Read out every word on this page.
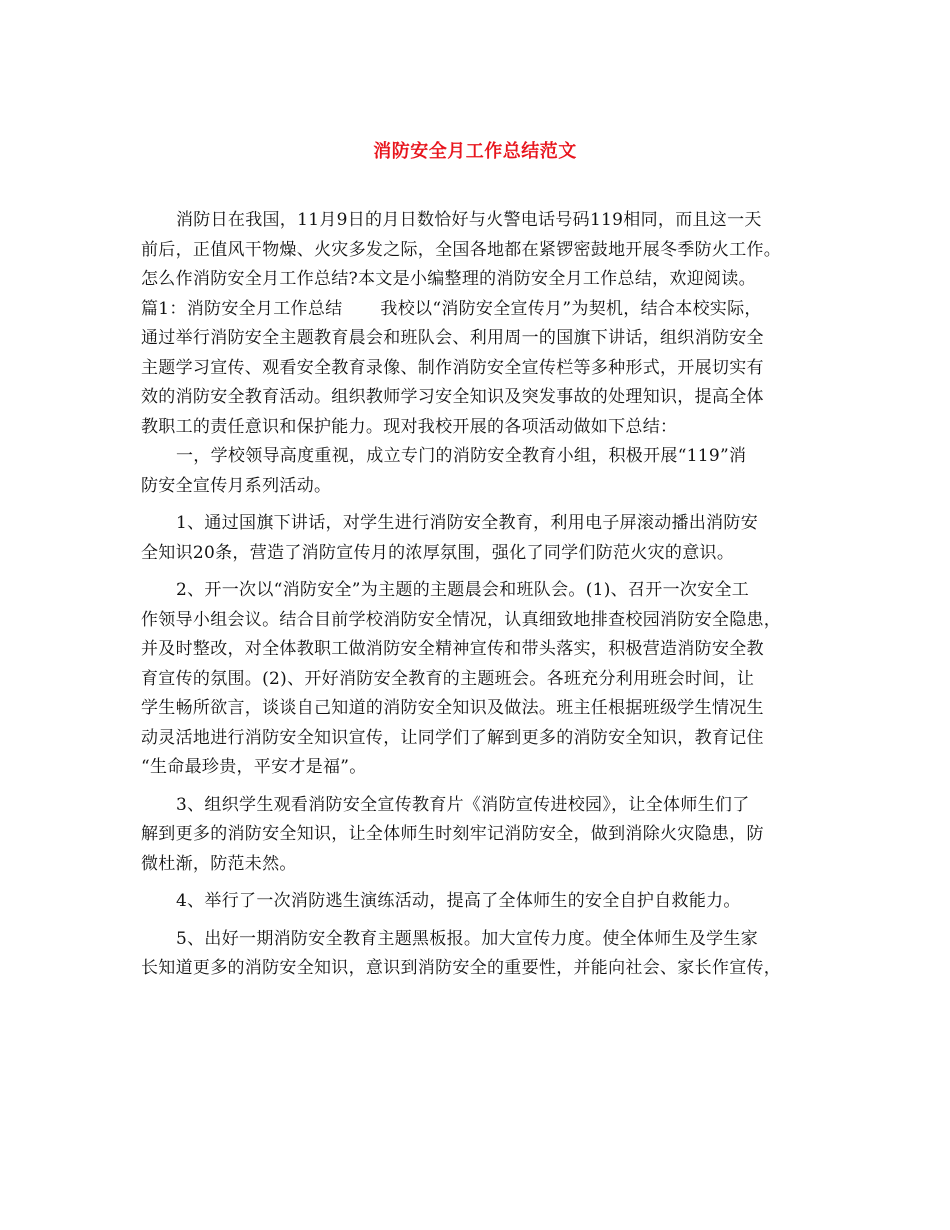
消防安全月工作总结范文

消防日在我国，11月9日的月日数恰好与火警电话号码119相同，而且这一天

前后，正值风干物燥、火灾多发之际，全国各地都在紧锣密鼓地开展冬季防火工作。

怎么作消防安全月工作总结?本文是小编整理的消防安全月工作总结，欢迎阅读。

篇1：消防安全月工作总结 我校以“消防安全宣传月”为契机，结合本校实际，

通过举行消防安全主题教育晨会和班队会、利用周一的国旗下讲话，组织消防安全

主题学习宣传、观看安全教育录像、制作消防安全宣传栏等多种形式，开展切实有

效的消防安全教育活动。组织教师学习安全知识及突发事故的处理知识，提高全体

教职工的责任意识和保护能力。现对我校开展的各项活动做如下总结：

一，学校领导高度重视，成立专门的消防安全教育小组，积极开展“119”消

防安全宣传月系列活动。

1、通过国旗下讲话，对学生进行消防安全教育，利用电子屏滚动播出消防安

全知识20条，营造了消防宣传月的浓厚氛围，强化了同学们防范火灾的意识。

2、开一次以“消防安全”为主题的主题晨会和班队会。(1)、召开一次安全工

作领导小组会议。结合目前学校消防安全情况，认真细致地排查校园消防安全隐患，

并及时整改，对全体教职工做消防安全精神宣传和带头落实，积极营造消防安全教

育宣传的氛围。(2)、开好消防安全教育的主题班会。各班充分利用班会时间，让

学生畅所欲言，谈谈自己知道的消防安全知识及做法。班主任根据班级学生情况生

动灵活地进行消防安全知识宣传，让同学们了解到更多的消防安全知识，教育记住

“生命最珍贵，平安才是福”。

3、组织学生观看消防安全宣传教育片《消防宣传进校园》，让全体师生们了

解到更多的消防安全知识，让全体师生时刻牢记消防安全，做到消除火灾隐患，防

微杜渐，防范未然。

4、举行了一次消防逃生演练活动，提高了全体师生的安全自护自救能力。

5、出好一期消防安全教育主题黑板报。加大宣传力度。使全体师生及学生家

长知道更多的消防安全知识，意识到消防安全的重要性，并能向社会、家长作宣传，
